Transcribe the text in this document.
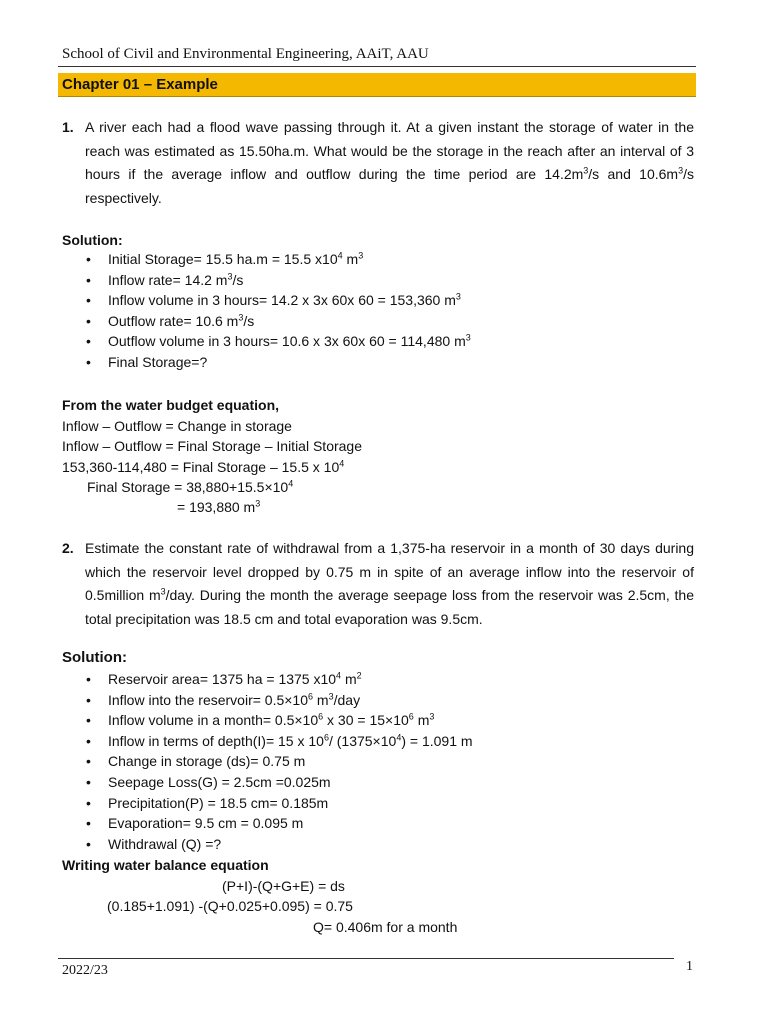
School of Civil and Environmental Engineering, AAiT, AAU
Chapter 01 – Example
1. A river each had a flood wave passing through it. At a given instant the storage of water in the reach was estimated as 15.50ha.m. What would be the storage in the reach after an interval of 3 hours if the average inflow and outflow during the time period are $14.2m^3/s$ and $10.6m^3/s$ respectively.
Solution:
• Initial Storage= 15.5 ha.m = 15.5 $x10^4$ $m^3$
• Inflow rate= 14.2 $m^3/s$
• Inflow volume in 3 hours= 14.2 x 3x 60x 60 = 153,360 $m^3$
• Outflow rate= 10.6 $m^3/s$
• Outflow volume in 3 hours= 10.6 x 3x 60x 60 = 114,480 $m^3$
• Final Storage=?
From the water budget equation,
Inflow – Outflow = Change in storage
Inflow – Outflow = Final Storage – Initial Storage
153,360-114,480 = Final Storage – 15.5 x $10^4$
Final Storage = $38,880+15.5\times 10^4$
= 193,880 $m^3$
2. Estimate the constant rate of withdrawal from a 1,375-ha reservoir in a month of 30 days during which the reservoir level dropped by 0.75 m in spite of an average inflow into the reservoir of 0.5million $m^3$/day. During the month the average seepage loss from the reservoir was 2.5cm, the total precipitation was 18.5 cm and total evaporation was 9.5cm.
Solution:
• Reservoir area= 1375 ha = 1375 $x10^4$ $m^2$
• Inflow into the reservoir= $0.5\times 10^6$ $m^3$/day
• Inflow volume in a month= $0.5\times 10^6$ x $30 = 15\times 10^6$ $m^3$
• Inflow in terms of depth(I)= 15 x $10^6/$ $(1375\times 10^4) = 1.091$ m
• Change in storage (ds)= 0.75 m
• Seepage Loss(G) = 2.5cm =0.025m
• Precipitation(P) = 18.5 cm= 0.185m
• Evaporation= 9.5 cm = 0.095 m
• Withdrawal (Q) =?
Writing water balance equation
(P+I)-(Q+G+E) = ds
(0.185+1.091) -(Q+0.025+0.095) = 0.75
Q= 0.406m for a month
2022/23	1
